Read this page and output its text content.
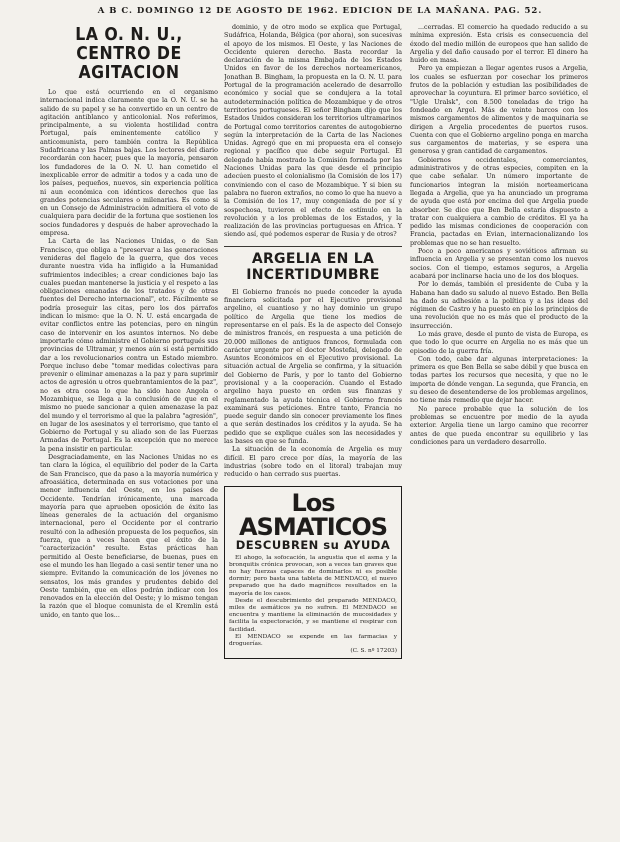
A B C. DOMINGO 12 DE AGOSTO DE 1962. EDICION DE LA MAÑANA. PAG. 52.
LA O. N. U., CENTRO DE AGITACION

Lo que está ocurriendo en el organismo internacional indica claramente que la O. N. U. se ha salido de su papel y se ha convertido en un centro de agitación antiblanco y anticolonial. Nos referimos, principalmente, a su violenta hostilidad contra Portugal, país eminentemente católico y anticomunista, pero también contra la República Sudafricana y las Palmas bajas. Los lectores del diario recordarán con hacer, pues que la mayoría, pensaron los fundadores de la O. N. U. han cometido el inexplicable error de admitir a todos y a cada uno de los países, pequeños, nuevos, sin experiencia política ni aun económica con idénticos derechos que las grandes potencias seculares o milenarias. Es como si en un Consejo de Administración admitiera el voto de cualquiera para decidir de la fortuna que sostienen los socios fundadores y después de haber aprovechado la empresa.

La Carta de las Naciones Unidas, o de San Francisco, que obliga a "preservar a las generaciones venideras del flagelo de la guerra, que dos veces durante nuestra vida ha infligido a la Humanidad sufrimientos indecibles; a crear condiciones bajo las cuales puedan mantenerse la justicia y el respeto a las obligaciones emanadas de los tratados y de otras fuentes del Derecho internacional", etc. Fácilmente se podría proseguir las citas, pero los dos párrafos indican lo mismo: que la O. N. U. está encargada de evitar conflictos entre las potencias, pero en ningún caso de intervenir en los asuntos internos. No debe importarle cómo administre el Gobierno portugués sus provincias de Ultramar, y menos aún si está permitido dar a los revolucionarios contra un Estado miembro. Porque incluso debe "tomar medidas colectivas para prevenir o eliminar amenazas a la paz y para suprimir actos de agresión u otros quebrantamientos de la paz", no es otra cosa lo que ha sido hace Angola o Mozambique, se llega a la conclusión de que en el mismo no puede sancionar a quien amenazase la paz del mundo y el terrorismo al que la palabra "agresión", en lugar de los asesinatos y el terrorismo, que tanto el Gobierno de Portugal y su aliado son de las Fuerzas Armadas de Portugal. Es la excepción que no merece la pena insistir en particular.

Desgraciadamente, en las Naciones Unidas no es tan clara la lógica, el equilibrio del poder de la Carta de San Francisco, que da paso a la mayoría numérica y afroasiática, determinada en sus votaciones por una menor influencia del Oeste, en los países de Occidente. Tendrían irónicamente, una marcada mayoría para que aprueben oposición de éxito las líneas generales de la actuación del organismo internacional, pero el Occidente por el contrario resultó con la adhesión propuesta de los pequeños, sin fuerza, que a veces hacen que el éxito de la "caracterización" resulte. Estas prácticas han permitido al Oeste beneficiarse, de buenas, pues en ese el mundo les han llegado a casi sentir tener una no siempre. Evitando la comunicación de los jóvenes no sensatos, los más grandes y prudentes debido del Oeste también, que en ellos podrán indicar con los renovados en la elección del Oeste; y lo mismo tengan la razón que el bloque comunista de el Kremlin está unido, en tanto que los...

dominio, y de otro modo se explica que Portugal, Sudáfrica, Holanda, Bélgica (por ahora), son sucesivas el apoyo de los mismos. El Oeste, y las Naciones de Occidente quieren derecho. Basta recordar la declaración de la misma Embajada de los Estados Unidos en favor de los derechos norteamericanos, Jonathan B. Bingham, la propuesta en la O. N. U. para Portugal de la programación acelerado de desarrollo económico y social que se condujera a la total autodeterminación política de Mozambique y de otros territorios portugueses. El señor Bingham dijo que los Estados Unidos consideran los territorios ultramarinos de Portugal como territorios carentes de autogobierno según la interpretación de la Carta de las Naciones Unidas. Agregó que en mi propuesta era el consejo regional y pacífico que debe seguir Portugal. El delegado había mostrado la Comisión formada por las Naciones Unidas para las que desde el principio adecúen puesto el colonialismo (la Comisión de los 17) conviniendo con el caso de Mozambique. Y si bien su palabra no fueron extraños, no como lo que ha nuevo a la Comisión de los 17, muy congeniada de por sí y sospechosa, tuvieron el efecto de estímulo en la revolución y a los problemas de los Estados, y la realización de las provincias portuguesas en África. Y siendo así, qué podemos esperar de Rusia y de otros?

ARGELIA EN LA INCERTIDUMBRE

El Gobierno francés no puede conceder la ayuda financiera solicitada por el Ejecutivo provisional argelino, el cuantioso y no hay dominio un grupo político de Argelia que tiene los medios de representarse en el país. Es la de aspecto del Consejo de ministros francés, en respuesta a una petición de 20.000 millones de antiguos francos, formulada con carácter urgente por el doctor Mostefai, delegado de Asuntos Económicos en el Ejecutivo provisional. La situación actual de Argelia se confirma, y la situación del Gobierno de París, y por lo tanto del Gobierno provisional y a la cooperación. Cuando el Estado argelino haya puesto en orden sus finanzas y reglamentado la ayuda técnica el Gobierno francés examinará sus peticiones. Entre tanto, Francia no puede seguir dando sin conocer previamente los fines a que serán destinados los créditos y la ayuda. Se ha pedido que se explique cuáles son las necesidades y las bases en que se funda.

La situación de la economía de Argelia es muy difícil. El paro crece por días, la mayoría de las industrias (sobre todo en el litoral) trabajan muy reducido o han cerrado sus puertas.

Los ASMATICOS
DESCUBREN su AYUDA

El ahogo, la sofocación, la angustia que el asma y la bronquitis crónica provocan, son a veces tan graves que no hay fuerzas capaces de dominarlos ni es posible dormir; pero basta una tableta de MENDACO, el nuevo preparado que ha dado magníficos resultados en la mayoría de los casos.

Desde el descubrimiento del preparado MENDACO, miles de asmáticos ya no sufren. El MENDACO se encuentra y mantiene la eliminación de mucosidades y facilita la expectoración, y se mantiene el respirar con facilidad.

El MENDACO se expende en las farmacias y droguerías.

(C. S. nº 17203)

...cerradas. El comercio ha quedado reducido a su mínima expresión. Esta crisis es consecuencia del éxodo del medio millón de europeos que han salido de Argelia y del daño causado por el terror. El dinero ha huido en masa.

Pero ya empiezan a llegar agentes rusos a Argelia, los cuales se esfuerzan por cosechar los primeros frutos de la población y estudian las posibilidades de aprovechar la coyuntura. El primer barco soviético, el "Ugle Uralsk", con 8.500 toneladas de trigo ha fondeado en Argel. Más de veinte barcos con los mismos cargamentos de alimentos y de maquinaria se dirigen a Argelia procedentes de puertos rusos. Cuenta con que el Gobierno argelino ponga en marcha sus cargamentos de materias, y se espera una generosa y gran cantidad de cargamentos.

Gobiernos occidentales, comerciantes, administrativos y de otras especies, compiten en la que cabe señalar. Un número importante de funcionarios integran la misión norteamericana llegada a Argelia, que ya ha anunciado un programa de ayuda que está por encima del que Argelia puede absorber. Se dice que Ben Bella estaría dispuesto a tratar con cualquiera a cambio de créditos. El ya ha pedido las mismas condiciones de cooperación con Francia, pactadas en Evian, internacionalizando los problemas que no se han resuelto.

Poco a poco americanos y soviéticos afirman su influencia en Argelia y se presentan como los nuevos socios. Con el tiempo, estamos seguros, a Argelia acabará por inclinarse hacia uno de los dos bloques.

Por lo demás, también el presidente de Cuba y la Habana han dado su saludo al nuevo Estado. Ben Bella ha dado su adhesión a la política y a las ideas del régimen de Castro y ha puesto en pie los principios de una revolución que no es más que el producto de la insurrección.

Lo más grave, desde el punto de vista de Europa, es que todo lo que ocurre en Argelia no es más que un episodio de la guerra fría.

Con todo, cabe dar algunas interpretaciones: la primera es que Ben Bella se sabe débil y que busca en todas partes los recursos que necesita, y que no le importa de dónde vengan. La segunda, que Francia, en su deseo de desentenderse de los problemas argelinos, no tiene más remedio que dejar hacer.

No parece probable que la solución de los problemas se encuentre por medio de la ayuda exterior. Argelia tiene un largo camino que recorrer antes de que pueda encontrar su equilibrio y las condiciones para un verdadero desarrollo.
